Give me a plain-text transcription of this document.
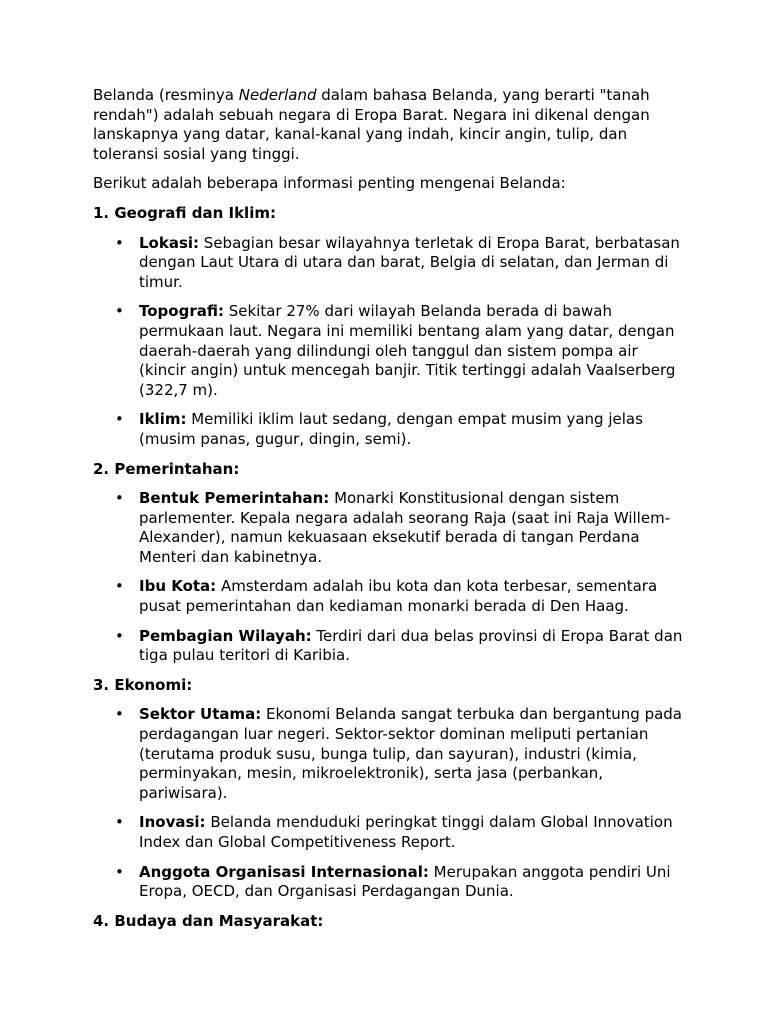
Belanda (resminya Nederland dalam bahasa Belanda, yang berarti "tanah rendah") adalah sebuah negara di Eropa Barat. Negara ini dikenal dengan lanskapnya yang datar, kanal-kanal yang indah, kincir angin, tulip, dan toleransi sosial yang tinggi.

Berikut adalah beberapa informasi penting mengenai Belanda:

1. Geografi dan Iklim:

• Lokasi: Sebagian besar wilayahnya terletak di Eropa Barat, berbatasan dengan Laut Utara di utara dan barat, Belgia di selatan, dan Jerman di timur.
• Topografi: Sekitar 27% dari wilayah Belanda berada di bawah permukaan laut. Negara ini memiliki bentang alam yang datar, dengan daerah-daerah yang dilindungi oleh tanggul dan sistem pompa air (kincir angin) untuk mencegah banjir. Titik tertinggi adalah Vaalserberg (322,7 m).
• Iklim: Memiliki iklim laut sedang, dengan empat musim yang jelas (musim panas, gugur, dingin, semi).

2. Pemerintahan:

• Bentuk Pemerintahan: Monarki Konstitusional dengan sistem parlementer. Kepala negara adalah seorang Raja (saat ini Raja Willem-Alexander), namun kekuasaan eksekutif berada di tangan Perdana Menteri dan kabinetnya.
• Ibu Kota: Amsterdam adalah ibu kota dan kota terbesar, sementara pusat pemerintahan dan kediaman monarki berada di Den Haag.
• Pembagian Wilayah: Terdiri dari dua belas provinsi di Eropa Barat dan tiga pulau teritori di Karibia.

3. Ekonomi:

• Sektor Utama: Ekonomi Belanda sangat terbuka dan bergantung pada perdagangan luar negeri. Sektor-sektor dominan meliputi pertanian (terutama produk susu, bunga tulip, dan sayuran), industri (kimia, perminyakan, mesin, mikroelektronik), serta jasa (perbankan, pariwisara).
• Inovasi: Belanda menduduki peringkat tinggi dalam Global Innovation Index dan Global Competitiveness Report.
• Anggota Organisasi Internasional: Merupakan anggota pendiri Uni Eropa, OECD, dan Organisasi Perdagangan Dunia.

4. Budaya dan Masyarakat:
